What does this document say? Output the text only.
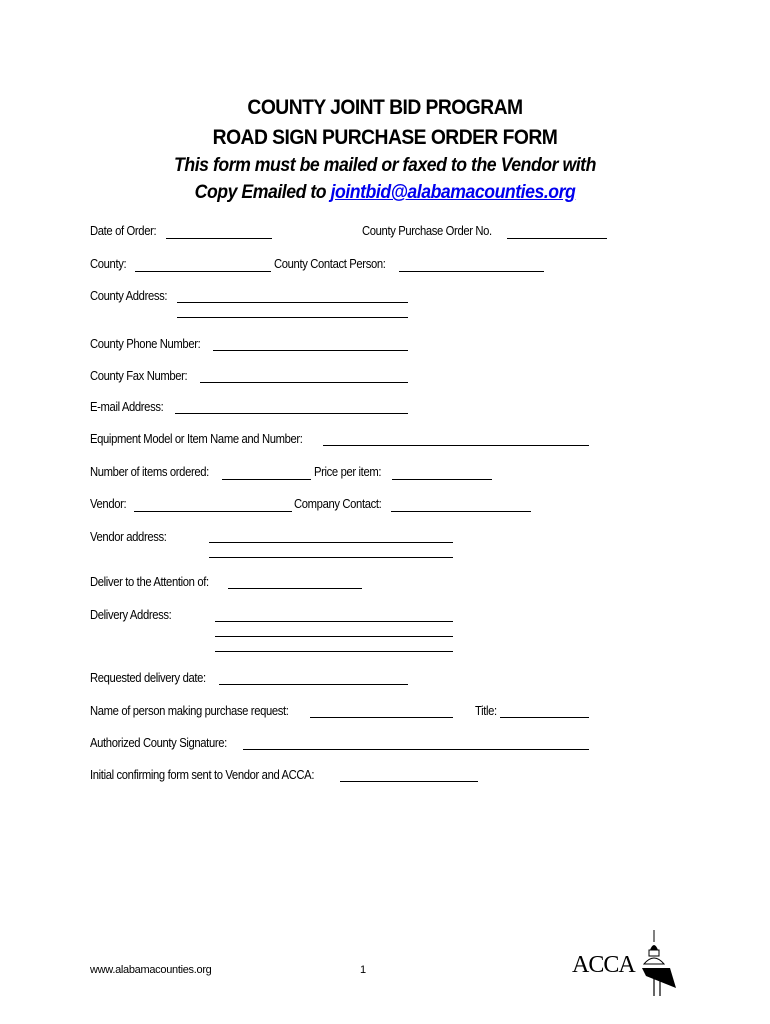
COUNTY JOINT BID PROGRAM
ROAD SIGN PURCHASE ORDER FORM
This form must be mailed or faxed to the Vendor with
Copy Emailed to jointbid@alabamacounties.org
Date of Order:	County Purchase Order No.
County:	County Contact Person:
County Address:
County Phone Number:
County Fax Number:
E-mail Address:
Equipment Model or Item Name and Number:
Number of items ordered:	Price per item:
Vendor:	Company Contact:
Vendor address:
Deliver to the Attention of:
Delivery Address:
Requested delivery date:
Name of person making purchase request:	Title:
Authorized County Signature:
Initial confirming form sent to Vendor and ACCA:
www.alabamacounties.org	1	ACCA
